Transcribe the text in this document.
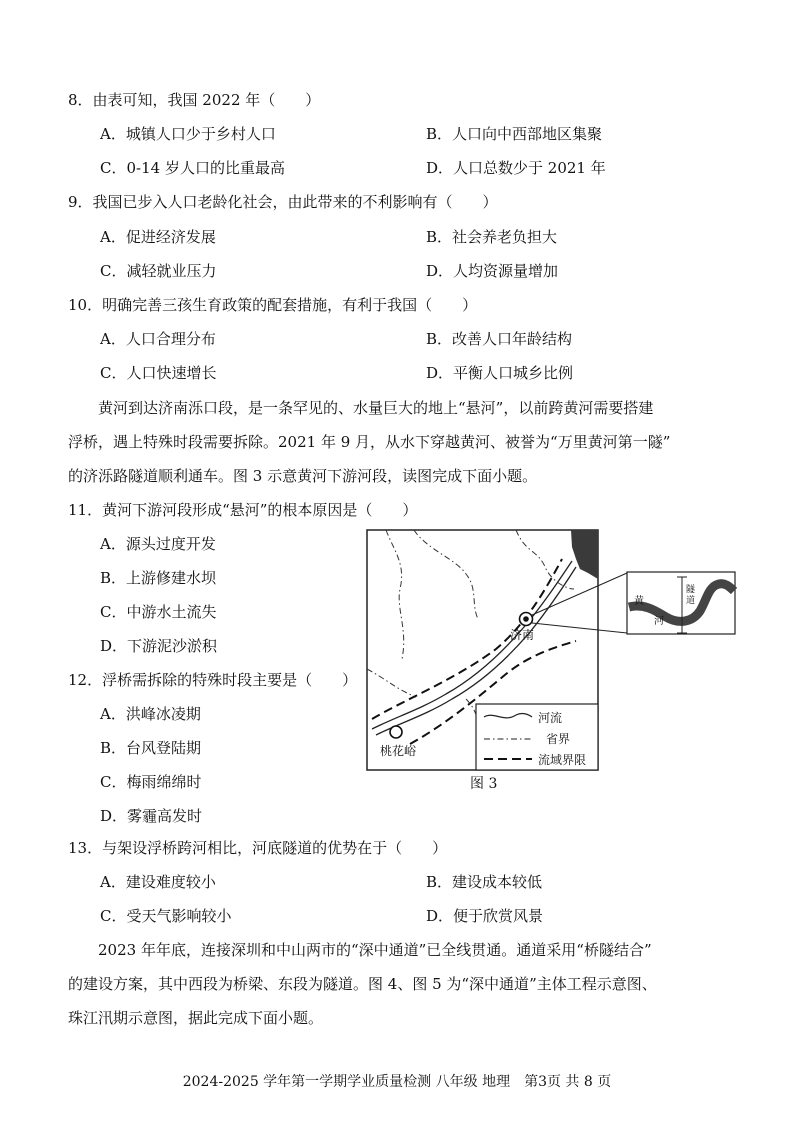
8．由表可知，我国 2022 年（　　）
A．城镇人口少于乡村人口	B．人口向中西部地区集聚
C．0-14 岁人口的比重最高	D．人口总数少于 2021 年
9．我国已步入人口老龄化社会，由此带来的不利影响有（　　）
A．促进经济发展	B．社会养老负担大
C．减轻就业压力	D．人均资源量增加
10．明确完善三孩生育政策的配套措施，有利于我国（　　）
A．人口合理分布	B．改善人口年龄结构
C．人口快速增长	D．平衡人口城乡比例
　　黄河到达济南泺口段，是一条罕见的、水量巨大的地上“悬河”，以前跨黄河需要搭建
浮桥，遇上特殊时段需要拆除。2021 年 9 月，从水下穿越黄河、被誉为“万里黄河第一隧”
的济泺路隧道顺利通车。图 3 示意黄河下游河段，读图完成下面小题。
11．黄河下游河段形成“悬河”的根本原因是（　　）
A．源头过度开发
B．上游修建水坝
C．中游水土流失
D．下游泥沙淤积
12．浮桥需拆除的特殊时段主要是（　　）
A．洪峰冰凌期
B．台风登陆期
C．梅雨绵绵时
D．雾霾高发时
济南
桃花峪
河流
省界
流域界限
黄
河
隧
道
图 3
13．与架设浮桥跨河相比，河底隧道的优势在于（　　）
A．建设难度较小	B．建设成本较低
C．受天气影响较小	D．便于欣赏风景
　　2023 年年底，连接深圳和中山两市的“深中通道”已全线贯通。通道采用“桥隧结合”
的建设方案，其中西段为桥梁、东段为隧道。图 4、图 5 为“深中通道”主体工程示意图、
珠江汛期示意图，据此完成下面小题。
2024-2025 学年第一学期学业质量检测 八年级 地理　第3页 共 8 页
